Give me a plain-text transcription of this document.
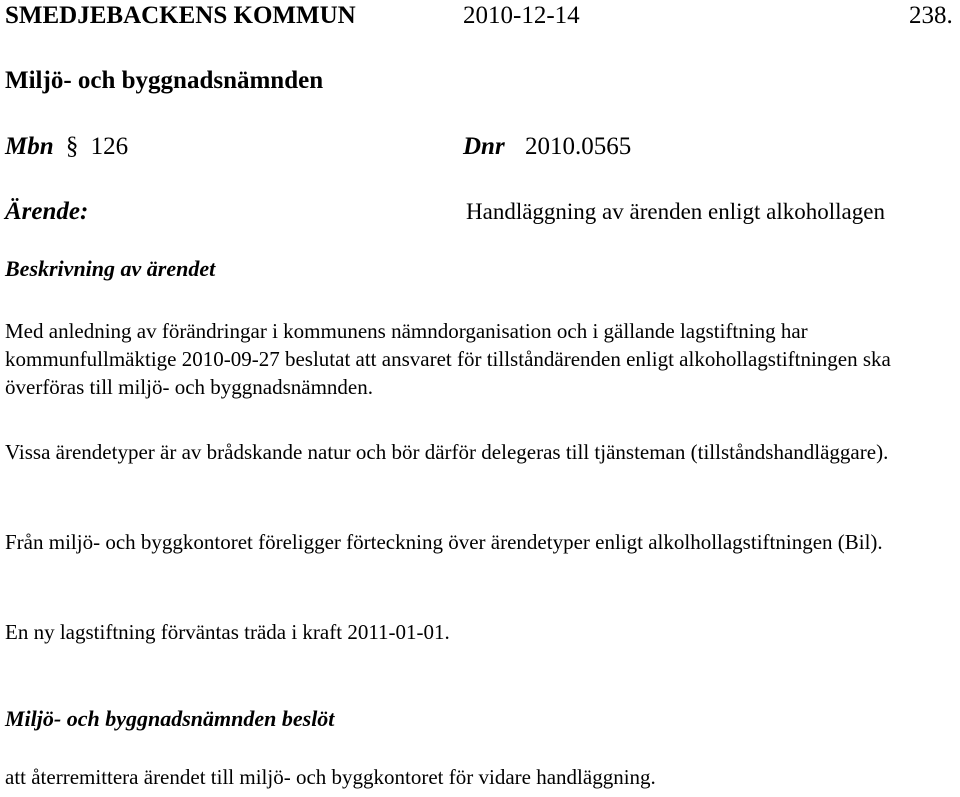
SMEDJEBACKENS KOMMUN	2010-12-14	238.
Miljö- och byggnadsnämnden
Mbn § 126	Dnr 2010.0565
Ärende:	Handläggning av ärenden enligt alkohollagen
Beskrivning av ärendet
Med anledning av förändringar i kommunens nämndorganisation och i gällande lagstiftning har kommunfullmäktige 2010-09-27 beslutat att ansvaret för tillståndärenden enligt alkohollagstiftningen ska överföras till miljö- och byggnadsnämnden.
Vissa ärendetyper är av brådskande natur och bör därför delegeras till tjänsteman (tillståndshandläggare).
Från miljö- och byggkontoret föreligger förteckning över ärendetyper enligt alkolhollagstiftningen (Bil).
En ny lagstiftning förväntas träda i kraft 2011-01-01.
Miljö- och byggnadsnämnden beslöt
att återremittera ärendet till miljö- och byggkontoret för vidare handläggning.
